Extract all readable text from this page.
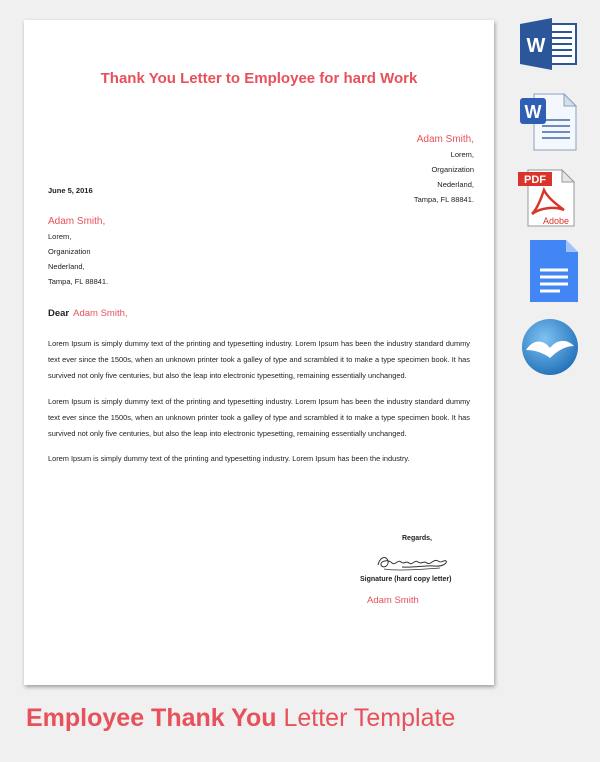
Thank You Letter to Employee for hard Work
Adam Smith,
Lorem,
Organization
Nederland,
Tampa, FL 88841.
June 5, 2016
Adam Smith,
Lorem,
Organization
Nederland,
Tampa, FL 88841.
Dear Adam Smith,

Lorem Ipsum is simply dummy text of the printing and typesetting industry. Lorem Ipsum has been the industry standard dummy text ever since the 1500s, when an unknown printer took a galley of type and scrambled it to make a type specimen book. It has survived not only five centuries, but also the leap into electronic typesetting, remaining essentially unchanged.

Lorem Ipsum is simply dummy text of the printing and typesetting industry. Lorem Ipsum has been the industry standard dummy text ever since the 1500s, when an unknown printer took a galley of type and scrambled it to make a type specimen book. It has survived not only five centuries, but also the leap into electronic typesetting, remaining essentially unchanged.

Lorem Ipsum is simply dummy text of the printing and typesetting industry. Lorem Ipsum has been the industry.

Regards,
Signature (hard copy letter)
Adam Smith
Employee Thank You Letter Template
W
W
PDF
Adobe
